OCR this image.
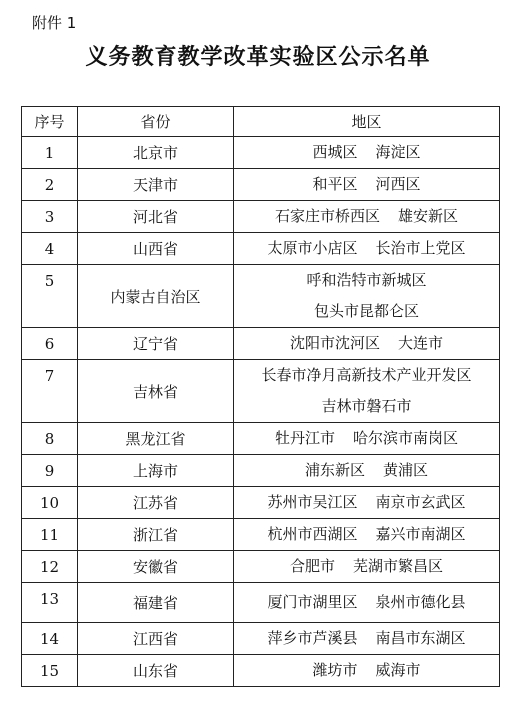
附件 1
义务教育教学改革实验区公示名单
序号	省份	地区
1	北京市	西城区 海淀区

2	天津市	和平区 河西区

3	河北省	石家庄市桥西区 雄安新区

4	山西省	太原市小店区 长治市上党区

5	内蒙古自治区	呼和浩特市新城区
包头市昆都仑区

6	辽宁省	沈阳市沈河区 大连市

7	吉林省	长春市净月高新技术产业开发区
吉林市磐石市

8	黑龙江省	牡丹江市 哈尔滨市南岗区

9	上海市	浦东新区 黄浦区

10	江苏省	苏州市吴江区 南京市玄武区

11	浙江省	杭州市西湖区 嘉兴市南湖区

12	安徽省	合肥市 芜湖市繁昌区

13	福建省	厦门市湖里区 泉州市德化县

14	江西省	萍乡市芦溪县 南昌市东湖区

15	山东省	潍坊市 威海市
